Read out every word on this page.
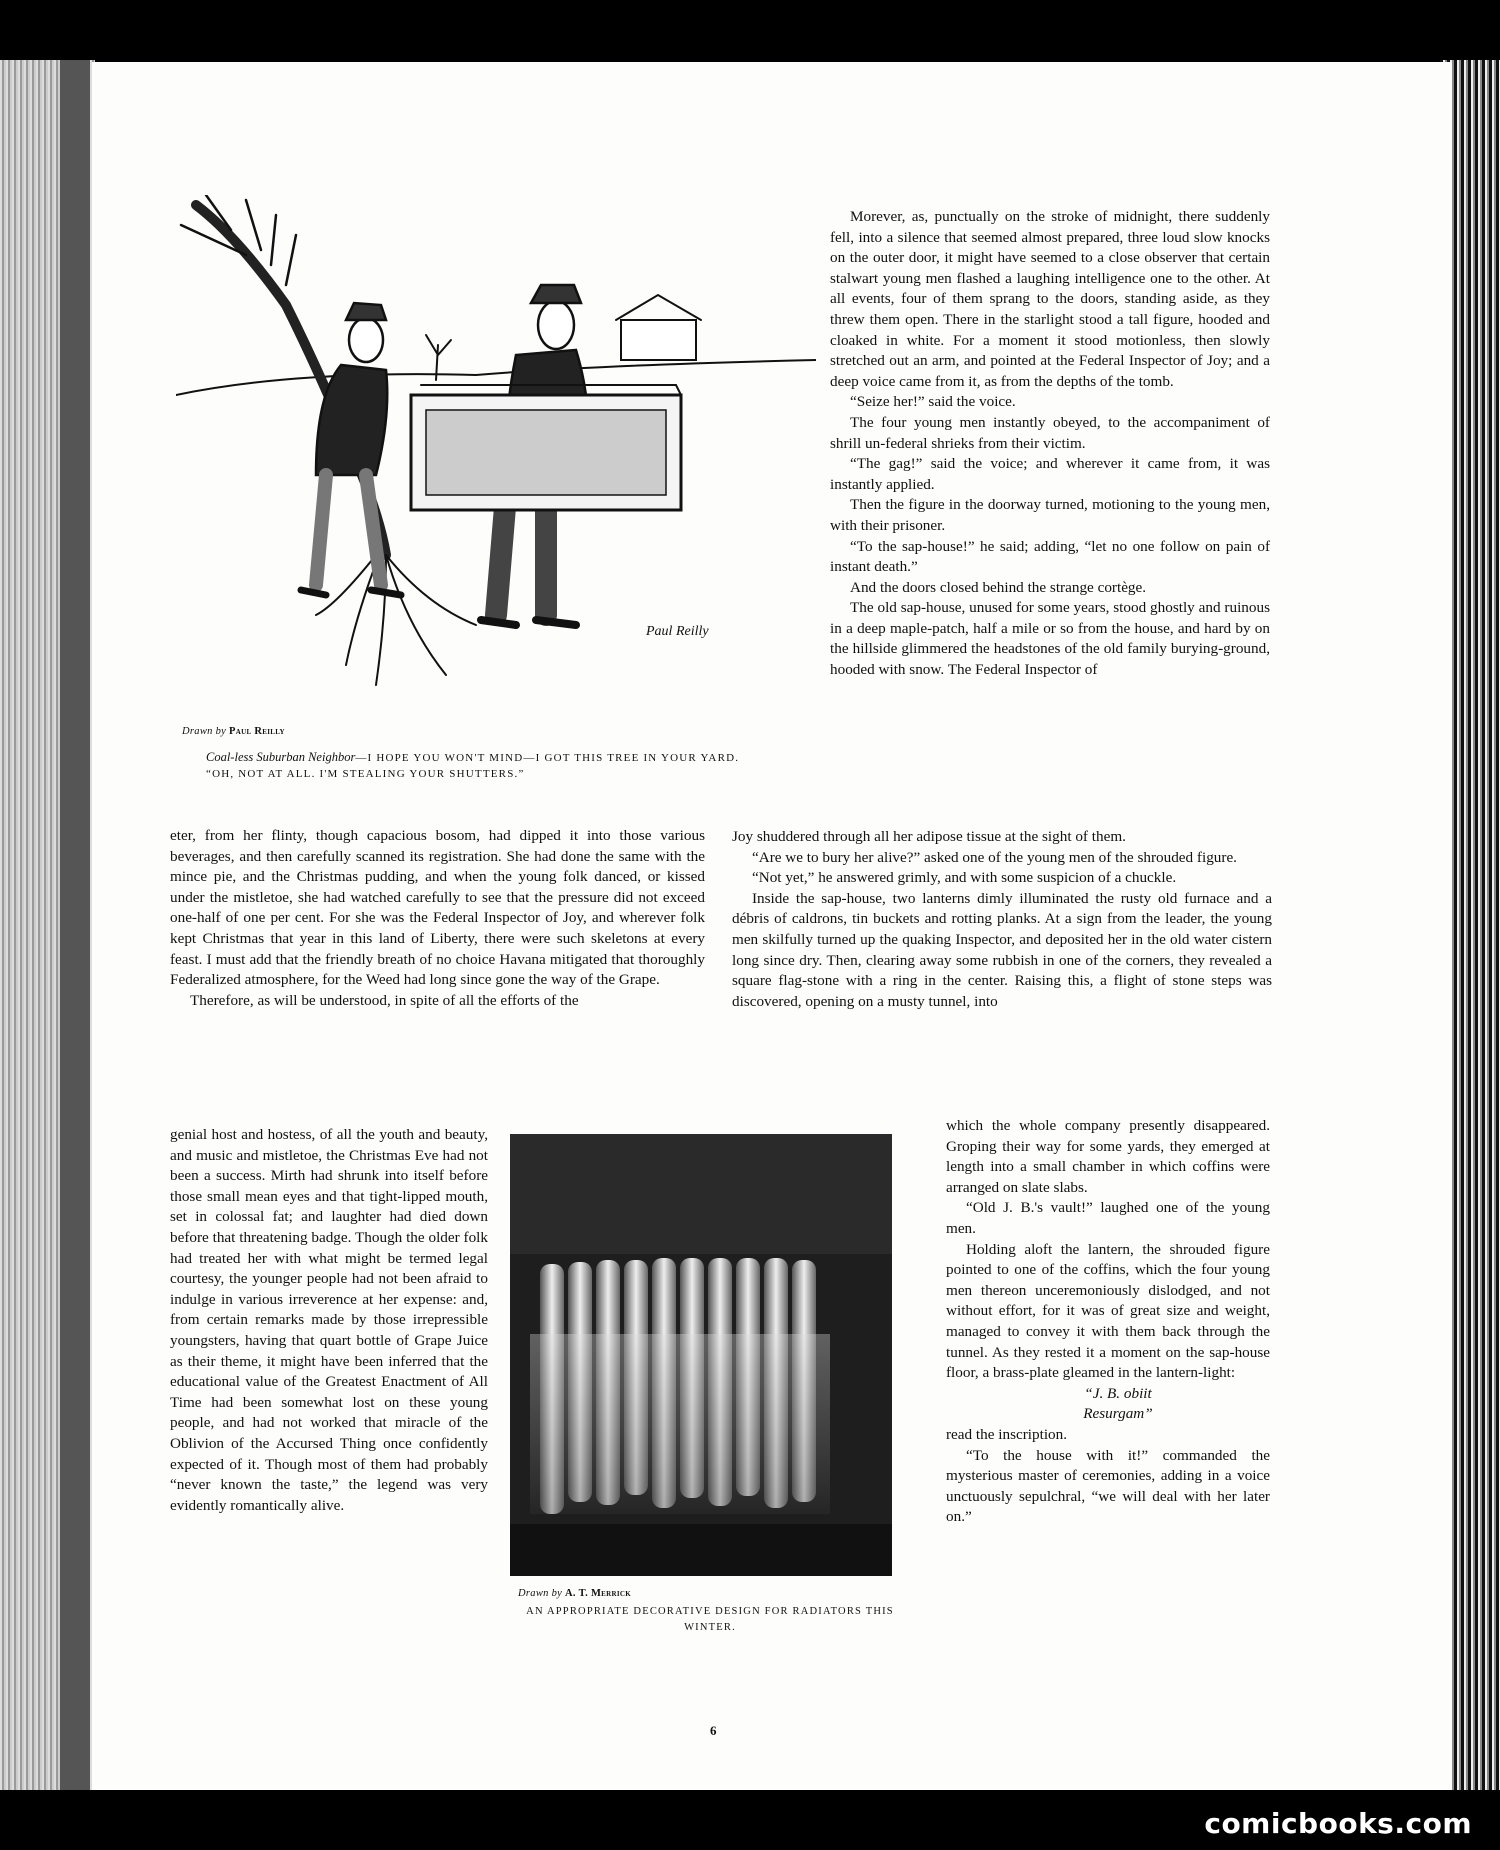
Paul Reilly
Drawn by Paul Reilly
Coal-less Suburban Neighbor—I HOPE YOU WON'T MIND—I GOT THIS TREE IN YOUR YARD.
“OH, NOT AT ALL. I'M STEALING YOUR SHUTTERS.”

Morever, as, punctually on the stroke of midnight, there suddenly fell, into a silence that seemed almost prepared, three loud slow knocks on the outer door, it might have seemed to a close observer that certain stalwart young men flashed a laughing intelligence one to the other. At all events, four of them sprang to the doors, standing aside, as they threw them open. There in the starlight stood a tall figure, hooded and cloaked in white. For a moment it stood motionless, then slowly stretched out an arm, and pointed at the Federal Inspector of Joy; and a deep voice came from it, as from the depths of the tomb.

“Seize her!” said the voice.

The four young men instantly obeyed, to the accompaniment of shrill un-federal shrieks from their victim.

“The gag!” said the voice; and wherever it came from, it was instantly applied.

Then the figure in the doorway turned, motioning to the young men, with their prisoner.

“To the sap-house!” he said; adding, “let no one follow on pain of instant death.”

And the doors closed behind the strange cortège.

The old sap-house, unused for some years, stood ghostly and ruinous in a deep maple-patch, half a mile or so from the house, and hard by on the hillside glimmered the headstones of the old family burying-ground, hooded with snow. The Federal Inspector of

eter, from her flinty, though capacious bosom, had dipped it into those various beverages, and then carefully scanned its registration. She had done the same with the mince pie, and the Christmas pudding, and when the young folk danced, or kissed under the mistletoe, she had watched carefully to see that the pressure did not exceed one-half of one per cent. For she was the Federal Inspector of Joy, and wherever folk kept Christmas that year in this land of Liberty, there were such skeletons at every feast. I must add that the friendly breath of no choice Havana mitigated that thoroughly Federalized atmosphere, for the Weed had long since gone the way of the Grape.

Therefore, as will be understood, in spite of all the efforts of the

Joy shuddered through all her adipose tissue at the sight of them.

“Are we to bury her alive?” asked one of the young men of the shrouded figure.

“Not yet,” he answered grimly, and with some suspicion of a chuckle.

Inside the sap-house, two lanterns dimly illuminated the rusty old furnace and a débris of caldrons, tin buckets and rotting planks. At a sign from the leader, the young men skilfully turned up the quaking Inspector, and deposited her in the old water cistern long since dry. Then, clearing away some rubbish in one of the corners, they revealed a square flag-stone with a ring in the center. Raising this, a flight of stone steps was discovered, opening on a musty tunnel, into

genial host and hostess, of all the youth and beauty, and music and mistletoe, the Christmas Eve had not been a success. Mirth had shrunk into itself before those small mean eyes and that tight-lipped mouth, set in colossal fat; and laughter had died down before that threatening badge. Though the older folk had treated her with what might be termed legal courtesy, the younger people had not been afraid to indulge in various irreverence at her expense: and, from certain remarks made by those irrepressible youngsters, having that quart bottle of Grape Juice as their theme, it might have been inferred that the educational value of the Greatest Enactment of All Time had been somewhat lost on these young people, and had not worked that miracle of the Oblivion of the Accursed Thing once confidently expected of it. Though most of them had probably “never known the taste,” the legend was very evidently romantically alive.

Drawn by A. T. Merrick
AN APPROPRIATE DECORATIVE DESIGN FOR RADIATORS THIS WINTER.

which the whole company presently disappeared. Groping their way for some yards, they emerged at length into a small chamber in which coffins were arranged on slate slabs.

“Old J. B.'s vault!” laughed one of the young men.

Holding aloft the lantern, the shrouded figure pointed to one of the coffins, which the four young men thereon unceremoniously dislodged, and not without effort, for it was of great size and weight, managed to convey it with them back through the tunnel. As they rested it a moment on the sap-house floor, a brass-plate gleamed in the lantern-light:

“J. B. obiit

Resurgam”

read the inscription.

“To the house with it!” commanded the mysterious master of ceremonies, adding in a voice unctuously sepulchral, “we will deal with her later on.”

6
comicbooks.com
